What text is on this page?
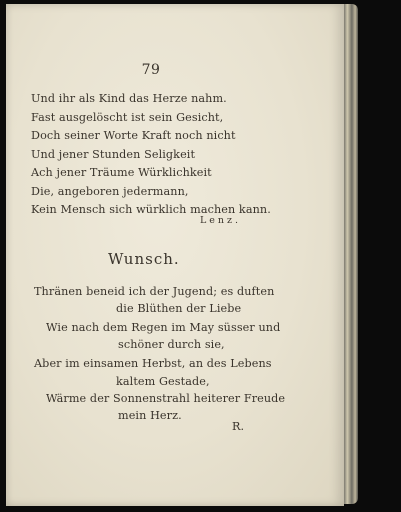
79
Und ihr als Kind das Herze nahm.
Fast ausgelöscht ist sein Gesicht,
Doch seiner Worte Kraft noch nicht
Und jener Stunden Seligkeit
Ach jener Träume Würklichkeit
Die, angeboren jedermann,
Kein Mensch sich würklich machen kann.
Lenz.
Wunsch.
Thränen beneid ich der Jugend; es duften
die Blüthen der Liebe
Wie nach dem Regen im May süsser und
schöner durch sie,
Aber im einsamen Herbst, an des Lebens
kaltem Gestade,
Wärme der Sonnenstrahl heiterer Freude
mein Herz.
R.
